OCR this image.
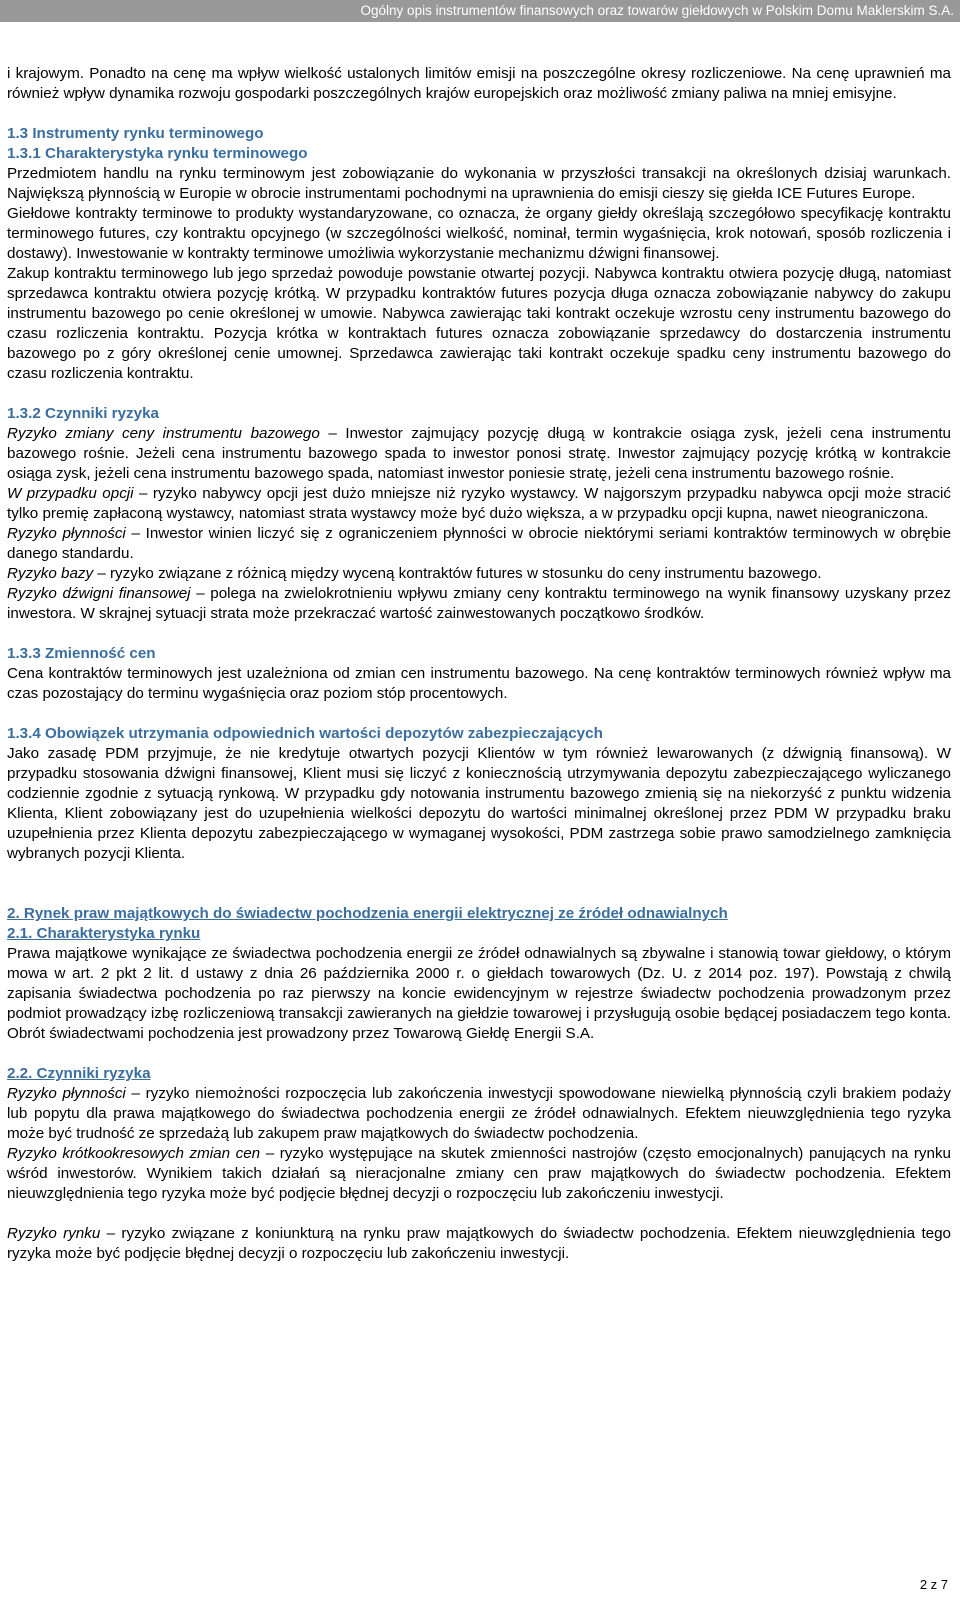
Ogólny opis instrumentów finansowych oraz towarów giełdowych w Polskim Domu Maklerskim S.A.

i krajowym. Ponadto na cenę ma wpływ wielkość ustalonych limitów emisji na poszczególne okresy rozliczeniowe. Na cenę uprawnień ma również wpływ dynamika rozwoju gospodarki poszczególnych krajów europejskich oraz możliwość zmiany paliwa na mniej emisyjne.

1.3 Instrumenty rynku terminowego
1.3.1 Charakterystyka rynku terminowego

Przedmiotem handlu na rynku terminowym jest zobowiązanie do wykonania w przyszłości transakcji na określonych dzisiaj warunkach. Największą płynnością w Europie w obrocie instrumentami pochodnymi na uprawnienia do emisji cieszy się giełda ICE Futures Europe.

Giełdowe kontrakty terminowe to produkty wystandaryzowane, co oznacza, że organy giełdy określają szczegółowo specyfikację kontraktu terminowego futures, czy kontraktu opcyjnego (w szczególności wielkość, nominał, termin wygaśnięcia, krok notowań, sposób rozliczenia i dostawy). Inwestowanie w kontrakty terminowe umożliwia wykorzystanie mechanizmu dźwigni finansowej.

Zakup kontraktu terminowego lub jego sprzedaż powoduje powstanie otwartej pozycji. Nabywca kontraktu otwiera pozycję długą, natomiast sprzedawca kontraktu otwiera pozycję krótką. W przypadku kontraktów futures pozycja długa oznacza zobowiązanie nabywcy do zakupu instrumentu bazowego po cenie określonej w umowie. Nabywca zawierając taki kontrakt oczekuje wzrostu ceny instrumentu bazowego do czasu rozliczenia kontraktu. Pozycja krótka w kontraktach futures oznacza zobowiązanie sprzedawcy do dostarczenia instrumentu bazowego po z góry określonej cenie umownej. Sprzedawca zawierając taki kontrakt oczekuje spadku ceny instrumentu bazowego do czasu rozliczenia kontraktu.

1.3.2 Czynniki ryzyka

Ryzyko zmiany ceny instrumentu bazowego – Inwestor zajmujący pozycję długą w kontrakcie osiąga zysk, jeżeli cena instrumentu bazowego rośnie. Jeżeli cena instrumentu bazowego spada to inwestor ponosi stratę. Inwestor zajmujący pozycję krótką w kontrakcie osiąga zysk, jeżeli cena instrumentu bazowego spada, natomiast inwestor poniesie stratę, jeżeli cena instrumentu bazowego rośnie.

W przypadku opcji – ryzyko nabywcy opcji jest dużo mniejsze niż ryzyko wystawcy. W najgorszym przypadku nabywca opcji może stracić tylko premię zapłaconą wystawcy, natomiast strata wystawcy może być dużo większa, a w przypadku opcji kupna, nawet nieograniczona.

Ryzyko płynności – Inwestor winien liczyć się z ograniczeniem płynności w obrocie niektórymi seriami kontraktów terminowych w obrębie danego standardu.

Ryzyko bazy – ryzyko związane z różnicą między wyceną kontraktów futures w stosunku do ceny instrumentu bazowego.

Ryzyko dźwigni finansowej – polega na zwielokrotnieniu wpływu zmiany ceny kontraktu terminowego na wynik finansowy uzyskany przez inwestora. W skrajnej sytuacji strata może przekraczać wartość zainwestowanych początkowo środków.

1.3.3 Zmienność cen

Cena kontraktów terminowych jest uzależniona od zmian cen instrumentu bazowego. Na cenę kontraktów terminowych również wpływ ma czas pozostający do terminu wygaśnięcia oraz poziom stóp procentowych.

1.3.4 Obowiązek utrzymania odpowiednich wartości depozytów zabezpieczających

Jako zasadę PDM przyjmuje, że nie kredytuje otwartych pozycji Klientów w tym również lewarowanych (z dźwignią finansową). W przypadku stosowania dźwigni finansowej, Klient musi się liczyć z koniecznością utrzymywania depozytu zabezpieczającego wyliczanego codziennie zgodnie z sytuacją rynkową. W przypadku gdy notowania instrumentu bazowego zmienią się na niekorzyść z punktu widzenia Klienta, Klient zobowiązany jest do uzupełnienia wielkości depozytu do wartości minimalnej określonej przez PDM W przypadku braku uzupełnienia przez Klienta depozytu zabezpieczającego w wymaganej wysokości, PDM zastrzega sobie prawo samodzielnego zamknięcia wybranych pozycji Klienta.

2. Rynek praw majątkowych do świadectw pochodzenia energii elektrycznej ze źródeł odnawialnych
2.1. Charakterystyka rynku

Prawa majątkowe wynikające ze świadectwa pochodzenia energii ze źródeł odnawialnych są zbywalne i stanowią towar giełdowy, o którym mowa w art. 2 pkt 2 lit. d ustawy z dnia 26 października 2000 r. o giełdach towarowych (Dz. U. z 2014 poz. 197). Powstają z chwilą zapisania świadectwa pochodzenia po raz pierwszy na koncie ewidencyjnym w rejestrze świadectw pochodzenia prowadzonym przez podmiot prowadzący izbę rozliczeniową transakcji zawieranych na giełdzie towarowej i przysługują osobie będącej posiadaczem tego konta. Obrót świadectwami pochodzenia jest prowadzony przez Towarową Giełdę Energii S.A.

2.2. Czynniki ryzyka

Ryzyko płynności – ryzyko niemożności rozpoczęcia lub zakończenia inwestycji spowodowane niewielką płynnością czyli brakiem podaży lub popytu dla prawa majątkowego do świadectwa pochodzenia energii ze źródeł odnawialnych. Efektem nieuwzględnienia tego ryzyka może być trudność ze sprzedażą lub zakupem praw majątkowych do świadectw pochodzenia.

Ryzyko krótkookresowych zmian cen – ryzyko występujące na skutek zmienności nastrojów (często emocjonalnych) panujących na rynku wśród inwestorów. Wynikiem takich działań są nieracjonalne zmiany cen praw majątkowych do świadectw pochodzenia. Efektem nieuwzględnienia tego ryzyka może być podjęcie błędnej decyzji o rozpoczęciu lub zakończeniu inwestycji.

Ryzyko rynku – ryzyko związane z koniunkturą na rynku praw majątkowych do świadectw pochodzenia. Efektem nieuwzględnienia tego ryzyka może być podjęcie błędnej decyzji o rozpoczęciu lub zakończeniu inwestycji.

2 z 7
